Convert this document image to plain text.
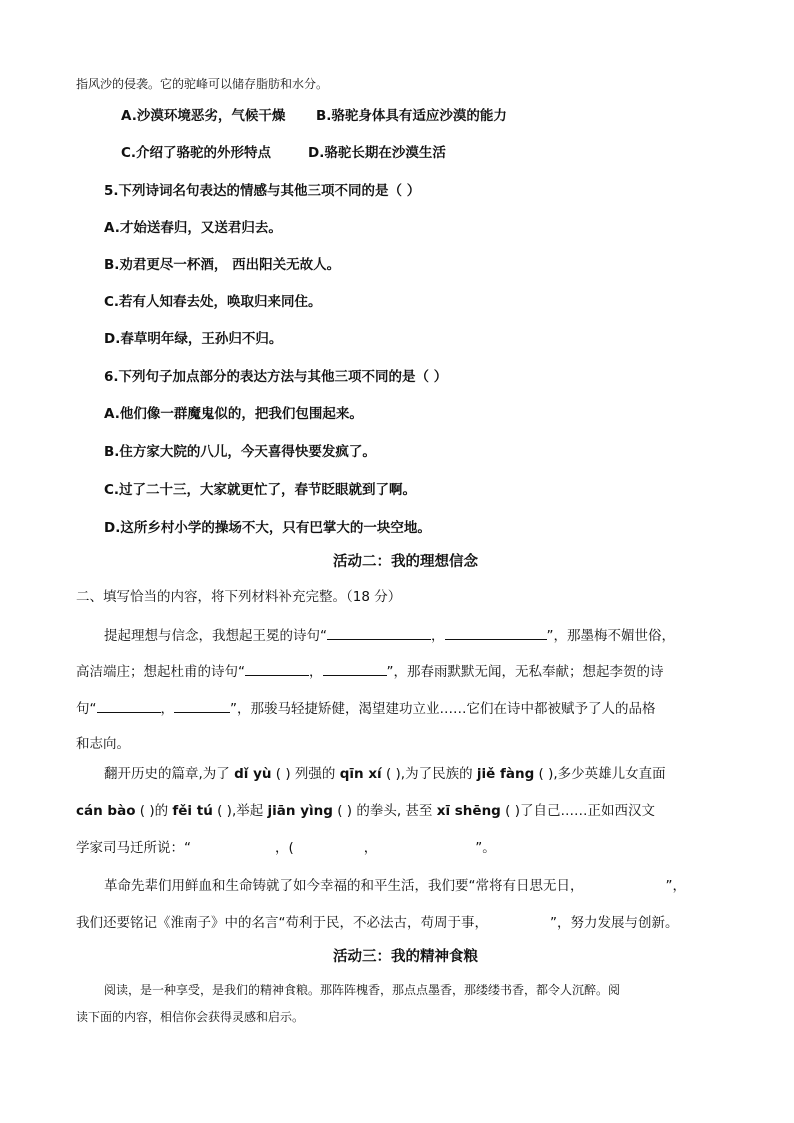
指风沙的侵袭。它的驼峰可以储存脂肪和水分。
A.沙漠环境恶劣，气候干燥 B.骆驼身体具有适应沙漠的能力
C.介绍了骆驼的外形特点	D.骆驼长期在沙漠生活
5.下列诗词名句表达的情感与其他三项不同的是（ ）
A.才始送春归，又送君归去。
B.劝君更尽一杯酒， 西出阳关无故人。
C.若有人知春去处，唤取归来同住。
D.春草明年绿，王孙归不归。
6.下列句子加点部分的表达方法与其他三项不同的是（ ）
A.他们像一群魔鬼似的，把我们包围起来。
B.住方家大院的八儿，今天喜得快要发疯了。
C.过了二十三，大家就更忙了，春节眨眼就到了啊。
D.这所乡村小学的操场不大，只有巴掌大的一块空地。
活动二：我的理想信念
二、填写恰当的内容，将下列材料补充完整。（18 分）
提起理想与信念，我想起王冕的诗句“	，	”，那墨梅不媚世俗，
高洁端庄；想起杜甫的诗句“	，	”，那春雨默默无闻，无私奉献；想起李贺的诗
句“	，	”，那骏马轻捷矫健，渴望建功立业……它们在诗中都被赋予了人的品格
和志向。
翻开历史的篇章,为了 dǐ yù ( ) 列强的 qīn xí ( ),为了民族的 jiě fàng ( ),多少英雄儿女直面
cán bào ( )的 fěi tú ( ),举起 jiān yìng ( ) 的拳头, 甚至 xī shēng ( )了自己……正如西汉文
学家司马迁所说：“	，(	，	”。
革命先辈们用鲜血和生命铸就了如今幸福的和平生活，我们要“常将有日思无日，	”，
我们还要铭记《淮南子》中的名言“苟利于民，不必法古，苟周于事，	”，努力发展与创新。
活动三：我的精神食粮
阅读，是一种享受，是我们的精神食粮。那阵阵槐香，那点点墨香，那缕缕书香，都令人沉醉。阅
读下面的内容，相信你会获得灵感和启示。
